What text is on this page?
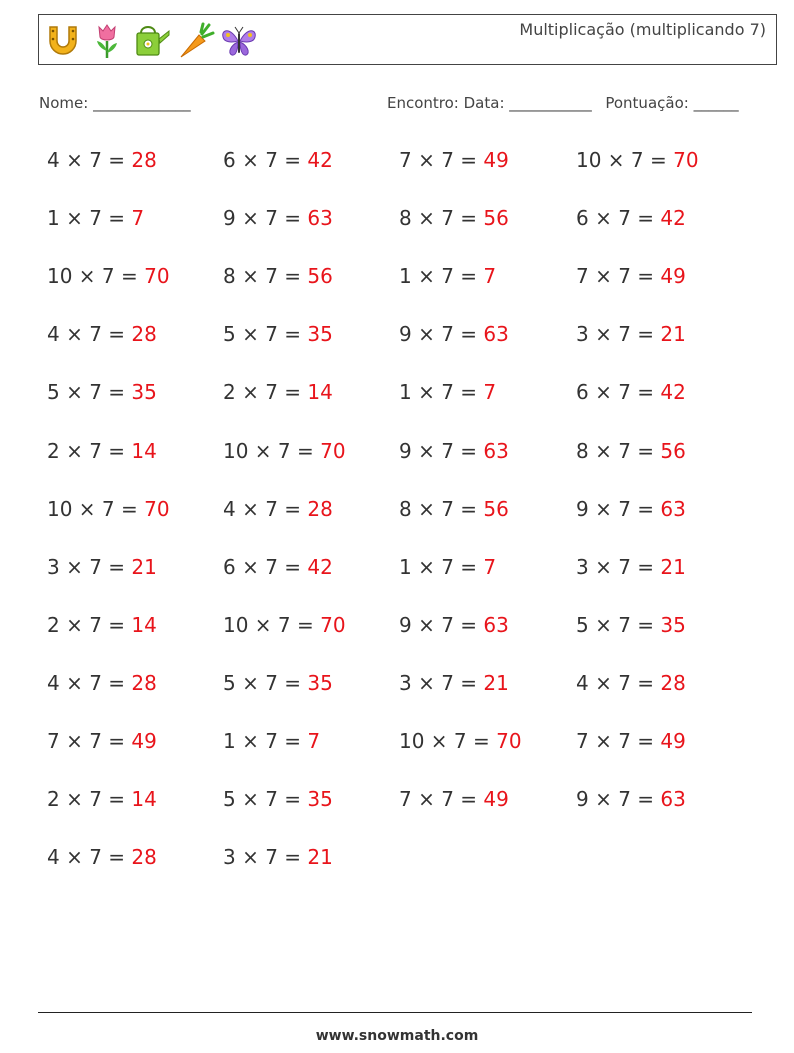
Multiplicação (multiplicando 7)
Nome: _____________	Encontro: Data: ___________ Pontuação: ______
4 × 7 = 28	6 × 7 = 42	7 × 7 = 49	10 × 7 = 70
1 × 7 = 7	9 × 7 = 63	8 × 7 = 56	6 × 7 = 42
10 × 7 = 70	8 × 7 = 56	1 × 7 = 7	7 × 7 = 49
4 × 7 = 28	5 × 7 = 35	9 × 7 = 63	3 × 7 = 21
5 × 7 = 35	2 × 7 = 14	1 × 7 = 7	6 × 7 = 42
2 × 7 = 14	10 × 7 = 70	9 × 7 = 63	8 × 7 = 56
10 × 7 = 70	4 × 7 = 28	8 × 7 = 56	9 × 7 = 63
3 × 7 = 21	6 × 7 = 42	1 × 7 = 7	3 × 7 = 21
2 × 7 = 14	10 × 7 = 70	9 × 7 = 63	5 × 7 = 35
4 × 7 = 28	5 × 7 = 35	3 × 7 = 21	4 × 7 = 28
7 × 7 = 49	1 × 7 = 7	10 × 7 = 70	7 × 7 = 49
2 × 7 = 14	5 × 7 = 35	7 × 7 = 49	9 × 7 = 63
4 × 7 = 28	3 × 7 = 21
www.snowmath.com
